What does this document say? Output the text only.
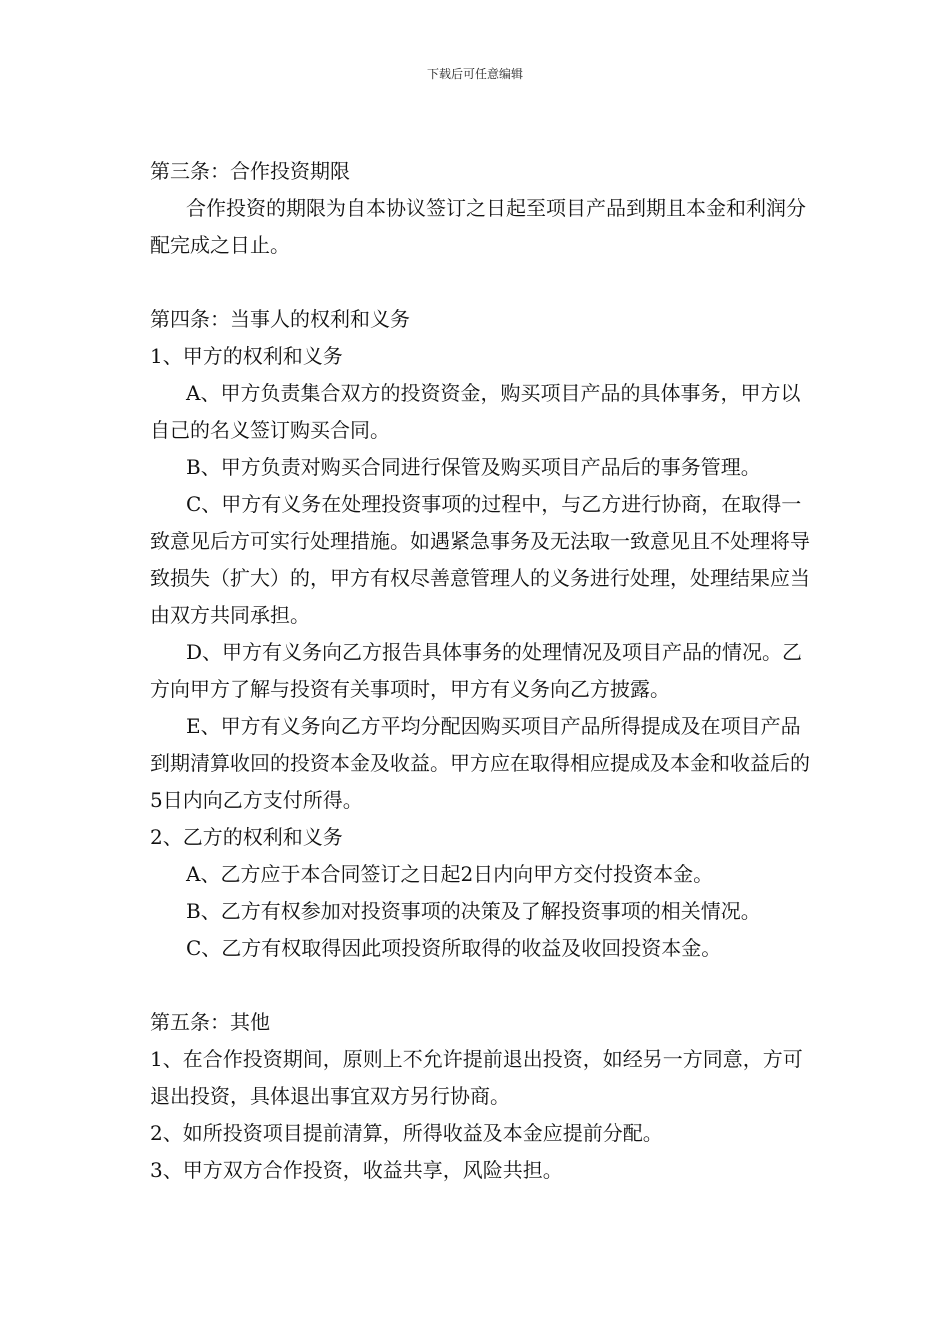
下载后可任意编辑

第三条：合作投资期限

合作投资的期限为自本协议签订之日起至项目产品到期且本金和利润分配完成之日止。

第四条：当事人的权利和义务

1、甲方的权利和义务

A、甲方负责集合双方的投资资金，购买项目产品的具体事务，甲方以自己的名义签订购买合同。

B、甲方负责对购买合同进行保管及购买项目产品后的事务管理。

C、甲方有义务在处理投资事项的过程中，与乙方进行协商，在取得一致意见后方可实行处理措施。如遇紧急事务及无法取一致意见且不处理将导致损失（扩大）的，甲方有权尽善意管理人的义务进行处理，处理结果应当由双方共同承担。

D、甲方有义务向乙方报告具体事务的处理情况及项目产品的情况。乙方向甲方了解与投资有关事项时，甲方有义务向乙方披露。

E、甲方有义务向乙方平均分配因购买项目产品所得提成及在项目产品到期清算收回的投资本金及收益。甲方应在取得相应提成及本金和收益后的5日内向乙方支付所得。

2、乙方的权利和义务

A、乙方应于本合同签订之日起2日内向甲方交付投资本金。

B、乙方有权参加对投资事项的决策及了解投资事项的相关情况。

C、乙方有权取得因此项投资所取得的收益及收回投资本金。

第五条：其他

1、在合作投资期间，原则上不允许提前退出投资，如经另一方同意，方可退出投资，具体退出事宜双方另行协商。

2、如所投资项目提前清算，所得收益及本金应提前分配。

3、甲方双方合作投资，收益共享，风险共担。
